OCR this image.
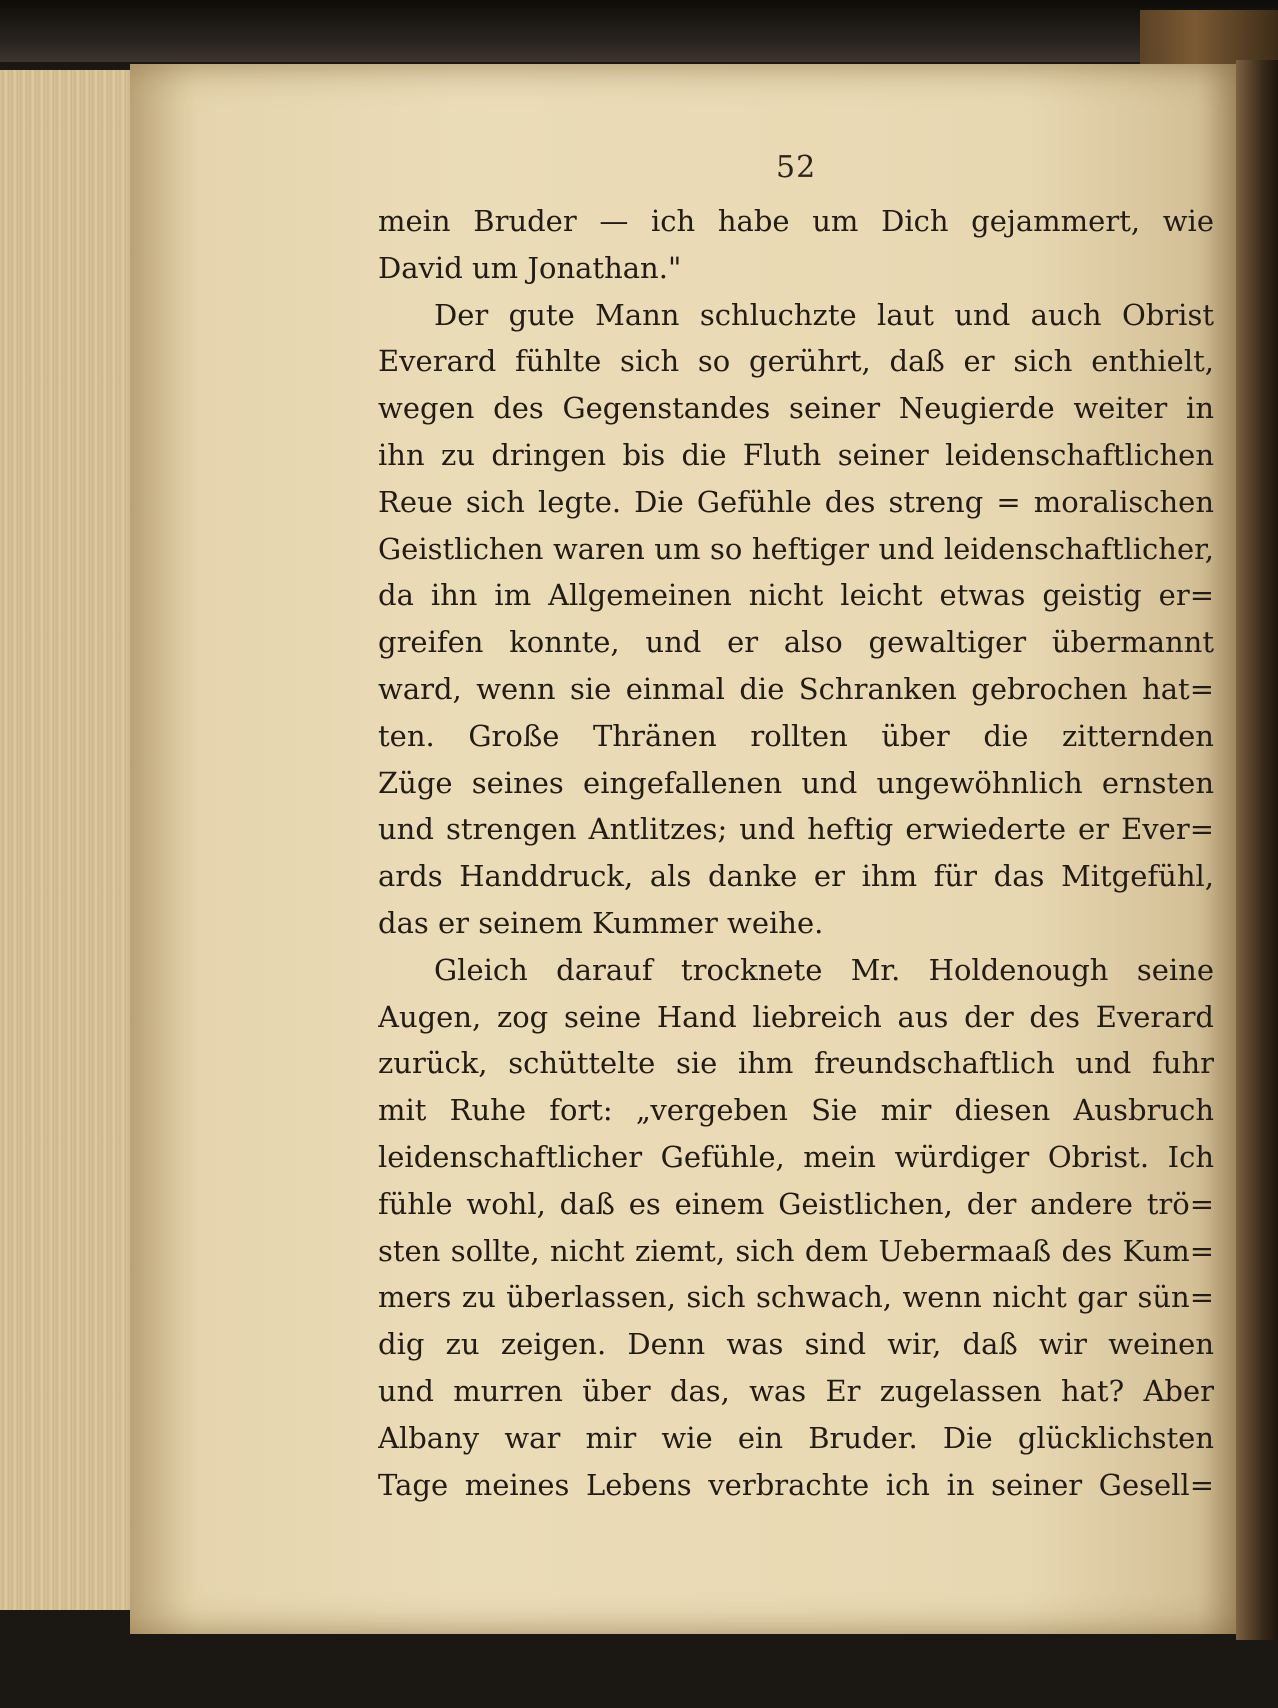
52
mein Bruder — ich habe um Dich gejammert, wie
David um Jonathan."
Der gute Mann schluchzte laut und auch Obrist
Everard fühlte sich so gerührt, daß er sich enthielt,
wegen des Gegenstandes seiner Neugierde weiter in
ihn zu dringen bis die Fluth seiner leidenschaftlichen
Reue sich legte. Die Gefühle des streng = moralischen
Geistlichen waren um so heftiger und leidenschaftlicher,
da ihn im Allgemeinen nicht leicht etwas geistig er=
greifen konnte, und er also gewaltiger übermannt
ward, wenn sie einmal die Schranken gebrochen hat=
ten. Große Thränen rollten über die zitternden
Züge seines eingefallenen und ungewöhnlich ernsten
und strengen Antlitzes; und heftig erwiederte er Ever=
ards Handdruck, als danke er ihm für das Mitgefühl,
das er seinem Kummer weihe.
Gleich darauf trocknete Mr. Holdenough seine
Augen, zog seine Hand liebreich aus der des Everard
zurück, schüttelte sie ihm freundschaftlich und fuhr
mit Ruhe fort: „vergeben Sie mir diesen Ausbruch
leidenschaftlicher Gefühle, mein würdiger Obrist. Ich
fühle wohl, daß es einem Geistlichen, der andere trö=
sten sollte, nicht ziemt, sich dem Uebermaaß des Kum=
mers zu überlassen, sich schwach, wenn nicht gar sün=
dig zu zeigen. Denn was sind wir, daß wir weinen
und murren über das, was Er zugelassen hat? Aber
Albany war mir wie ein Bruder. Die glücklichsten
Tage meines Lebens verbrachte ich in seiner Gesell=
